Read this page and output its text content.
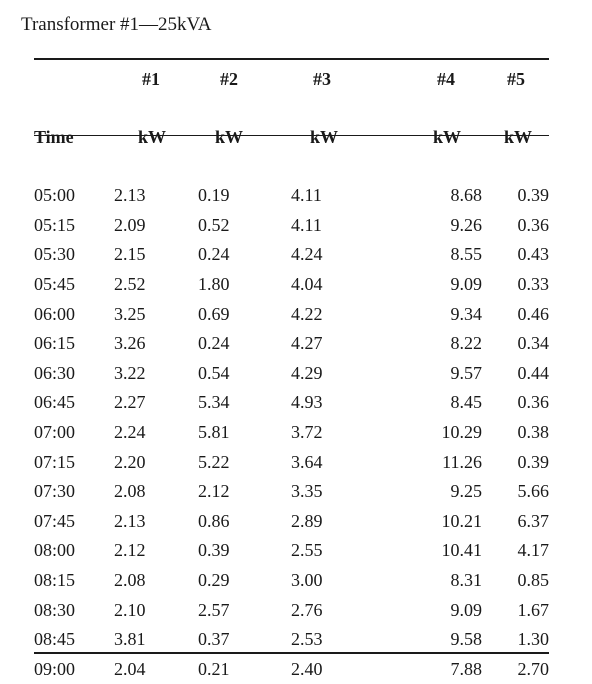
Transformer #1—25kVA
	#1	#2	#3	#4	#5
Time	kW	kW	kW	kW	kW
05:00	2.13	0.19	4.11	8.68	0.39
05:15	2.09	0.52	4.11	9.26	0.36
05:30	2.15	0.24	4.24	8.55	0.43
05:45	2.52	1.80	4.04	9.09	0.33
06:00	3.25	0.69	4.22	9.34	0.46
06:15	3.26	0.24	4.27	8.22	0.34
06:30	3.22	0.54	4.29	9.57	0.44
06:45	2.27	5.34	4.93	8.45	0.36
07:00	2.24	5.81	3.72	10.29	0.38
07:15	2.20	5.22	3.64	11.26	0.39
07:30	2.08	2.12	3.35	9.25	5.66
07:45	2.13	0.86	2.89	10.21	6.37
08:00	2.12	0.39	2.55	10.41	4.17
08:15	2.08	0.29	3.00	8.31	0.85
08:30	2.10	2.57	2.76	9.09	1.67
08:45	3.81	0.37	2.53	9.58	1.30
09:00	2.04	0.21	2.40	7.88	2.70
